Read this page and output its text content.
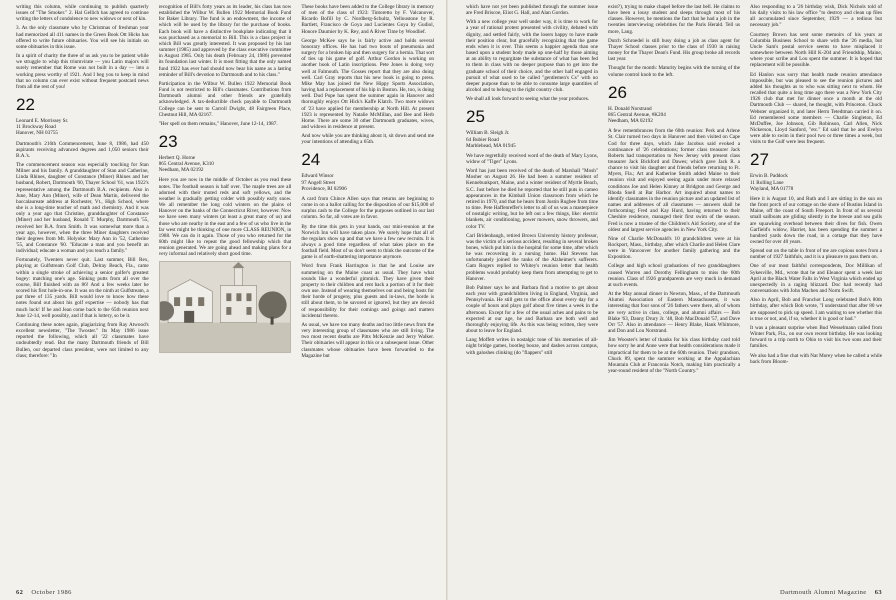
writing this column, while continuing to publish quarterly issues of "The Smoker." 2. Hal Gellich has agreed to continue writing the letters of condolence to new widows or next of kin.

3. As the only classmate who by Christmas of freshman year had memorized all 411 names in the Green Book Ott Hicks has offered to write future obituaries. You will see his initials on some obituaries in this issue.

In a spirit of charity the three of us ask you to be patient while we struggle to whip this triumvirate — you Latin majors will surely remember that Rome was not built in a day — into a working press worthy of 1921. And I beg you to keep in mind that no column can ever exist without frequent postcard news from all the rest of you!

22
Leonard E. Morrissey Sr.
11 Brockway Road
Hanover, NH 03755

Dartmouth's 216th Commencement, June 8, 1986, had 450 aspirants receiving advanced degrees and 1,050 seniors their B.A.'s.

The commencement season was especially touching for Stan Milner and his family. A granddaughter of Stan and Catherine, Linda Rhines, daughter of Constance (Miner) Rhines and her husband, Robert, Dartmouth '60, Thayer School '61, was 1922's representative among the Dartmouth B.A. recipients. Also in June, Mary Ann (Miner), wife of Dean Martin, delivered the baccalaureate address at Rochester, Vt., High School, where she is a long-time teacher of math and chemistry. And it was only a year ago that Christine, granddaughter of Constance (Miner) and her husband, Ronald T. Murphy, Dartmouth '55, received her B.A. from Smith. It was somewhat more than a year ago, however, when the three Miner daughters received their degrees from Mt. Holyoke: Mary Ann in '52, Catherine '55, and Constance '60. "Educate a man and you benefit an individual; educate a woman and you teach a family."

Fortunately, Twenters never quit. Last summer, Bill Rex, playing at Gulfstream Golf Club, Delray Beach, Fla., came within a single stroke of achieving a senior golfer's greatest bogey: matching one's age. Sinking putts from all over the course, Bill finished with an 86! And a few weeks later he scored his first hole-in-one. It was on the ninth at Gulfstream, a par three of 135 yards. Bill would love to know how these notes found out about his golf expertise — nobody has that much luck! If he and Jean come back to the 65th reunion next June 12-14, well possibly, and if that is lottery, so be it.

Continuing these notes again, plagiarizing from Ray Atwood's excellent newsletter, "The Twoster." Its May 1986 issue reported the following, which all '22 classmates have undoubtedly read. But the many Dartmouth friends of Bill Bullen, our departed class president, were not limited to any class; therefore: "In

recognition of Bill's forty years as its leader, his class has now established the Wilbur W. Bullen 1922 Memorial Book Fund for Baker Library. The fund is an endowment, the income of which will be used by the library for the purchase of books. Each book will have a distinctive bookplate indicating that it was purchased as a memorial to Bill. This is a class project in which Bill was greatly interested. It was proposed by his last summer (1985) and approved by the class executive committee in August 1985. Only his death (February 24, 1986) prevented its foundation last winter. It is most fitting that the only named fund 1922 has ever had should now bear his name as a lasting reminder of Bill's devotion to Dartmouth and to his class."

Participation in the Wilbur W. Bullen 1922 Memorial Book Fund is not restricted to Bill's classmates. Contributions from Dartmouth alumni and other friends are gratefully acknowledged. A tax-deductible check payable to Dartmouth College can be sent to Carroll Dwight, 48 Fairgreen Place, Chestnut Hill, MA 02167.

"Her spell on them remains," Hanover, June 12-14, 1987.

23
Herbert Q. Horne
865 Central Avenue, K310
Needham, MA 02192

Here you are now in the middle of October as you read these notes. The football season is half over. The maple trees are all adorned with their muted reds and soft yellows, and the weather is gradually getting colder with possibly early snow. We all remember the long cold winters on the plains of Hanover on the banks of the Connecticut River, however. Now we have seen many winters (at least a great many of us) and those who are nearby in the east and a few of us who live in the far west might be thinking of one more CLASS REUNION, in 1988. We can do it again. Those of you who returned for the 60th might like to repeat the good fellowship which that reunion generated. We are going ahead and making plans for a very informal and relatively short good time.

These books have been added to the College library in memory of men of the class of 1923: Tintoretto by F. Valcanover, Ricardo Bofill by C. Nordberg-Schultz, Yelloustone by R. Bartlett, Francisco de Goya and Lucientes Goya by Gudiol, Honore Daumier by K. Rey, and A River Time by Woodlief.

George McKee says he is fairly active and holds several honorary offices. He has had two bouts of pneumonia and surgery for a broken hip and then surgery for a hernia. That sort of ties up his game of golf. Arthur Gordon is working on another book of Latin inscriptions. Pete Jones is doing very well at Falmouth. The Gosses report that they are also doing well. Carl Gray reports that his new book is going to press. Mike May has joined the New Hippy Sports Association, having had a replacement of his hip in Boston. He, too, is doing well. Dud Pope has spent the summer again in Hanover and thoroughly enjoys Ott Hick's Kaffe Klatch. Two more widows of '23 have applied for membership at North Hill. At present 1923 is represented by Natalie McMillan, and Bee and Herb Horne. There are some 30 other Dartmouth graduates, wives, and widows in residence at present.

And now while you are thinking about it, sit down and send me your intentions of attending a 65th.

24
Edward Winsor
97 Angell Street
Providence, RI 02906

A card from Chince Allen says that returns are beginning to come in on a ballot calling for the disposition of our $15,000 of surplus cash to the College for the purposes outlined in our last column. So far, all votes are in favor.

By the time this gets in your hands, our mini-reunion at the Norwich Inn will have taken place. We surely hope that all of the regulars show up and that we have a few new recruits. It is always a good time regardless of what takes place on the football field. Most of us don't seem to think the outcome of the game is of earth-shattering importance anymore.

Word from Frank Harrington is that he and Louise are summering on the Maine coast as usual. They have what sounds like a wonderful gimmick. They have given their property to their children and rent back a portion of it for their own use. Instead of wearing themselves out and being hosts for their horde of progeny, plus guests and in-laws, the horde is still about them, to be savored or ignored, but they are devoid of responsibility for their comings and goings and matters incidental thereto.

As usual, we have too many deaths and too little news from the very interesting group of classmates who are still living. The two most recent deaths are Pitts McKenzie and Jerry Walker. Their obituaries will appear in this or a subsequent issue. Other classmates whose obituaries have been forwarded to the Magazine but

62 October 1986

which have not yet been published through the summer issue are Fred Briscoe, Eliot G. Hall, and Alan Gordon.

With a new college year well under way, it is time to work for a year of rational protest presented with civility, debated with dignity, and settled fairly, with the losers happy to have made their position clear, but gracefully recognizing that the game ends when it is over. This seems a happier agenda than one based upon a student body made up one-half by those aiming at an ability to regurgitate the substance of what has been fed to them in class with no deeper purpose than to get into the graduate school of their choice, and the other half engaged in pursuit of what used to be called "gentlemen's Cs" with no deeper purpose than to be able to consume large quantities of alcohol and to belong to the right country club.

We shall all look forward to seeing what the year produces.

25
William B. Sleigh Jr.
64 Bubier Road
Marblehead, MA 01945

We have regretfully received word of the death of Mary Lyons, widow of "Tiger" Lyons.

Word has just been received of the death of Marshall "Mosh" Mosher on August 26. He had been a summer resident of Kennebunkport, Maine, and a winter resident of Myrtle Beach, S.C. Just before he died he reported that he still puts in cameo appearances in the Kimball Union classroom from which he retired in 1970, and that he hears from Justin Rugbee from time to time. Pete Haffenreffer's letter to all of us was a masterpiece of nostalgic writing, but he left out a few things, like: electric blankets, air conditioning, power mowers, snow throwers, and color TV.

Carl Bridenbaugh, retired Brown University history professor, was the victim of a serious accident, resulting in several broken bones, which put him in the hospital for some time, after which he was recovering in a nursing home. Hal Stevens has unfortunately joined the ranks of the Alzheimer's sufferers. Gam Rogers replied to Whitey's reunion letter that health problems would probably keep them from attempting to get to Hanover.

Bob Palmer says he and Barbara find a motive to get about each year with grandchildren living in England, Virginia, and Pennsylvania. He still gets to the office about every day for a couple of hours and plays golf about five times a week in the afternoon. Except for a few of the usual aches and pains to be expected at our age, he and Barbara are both well and thoroughly enjoying life. As this was being written, they were about to leave for England.

Lang Moffett writes in nostalgic tone of his memories of all-night bridge games, bootleg booze, and dashes across campus, with galoshes clinking (do "flappers" still

exist?), trying to make chapel before the last bell. He claims to have been a lousy student and sleeps through most of his classes. However, he mentions the fact that he had a job in the twenties interviewing celebrities for the Paris Herald. Tell us more, Lang.

Dutch Schroedel is still busy doing a job as class agent for Thayer School classes prior to the class of 1930 in raising money for the Thayer Dean's Fund. His group broke all records last year.

Thought for the month: Maturity begins with the turning of the volume control knob to the left.

26
H. Donald Norstrand
865 Central Avenue, #K204
Needham, MA 02192

A few remembrances from the 60th reunion: Perk and Arlene St. Clair turned two days in Hanover and then visited on Cape Cod for three days, which Jake Jacobus said evoked a continuance of '26 celebrations; former class treasurer Jack Roberts had transportation to New Jersey with present class treasurer Jack Bickford and Dawes; which gave Jack R. a chance to visit his daughter and friends before returning to Ft. Myers, Fla.; Art and Katherine Smith added Maine to their reunion visit and enjoyed seeing again under more relaxed conditions Joe and Helen Kinney at Bridgton and George and Rhoda Snell at Bar Harbor. Art inquired about names to identify classmates in the reunion picture and an updated list of names and addresses of all classmates — answers shall be forthcoming; Fred and Kay Hurd, having returned to their Cheshire residence, managed their first swim of the season. Fred is now a trustee of the Children's Aid Society, one of the oldest and largest service agencies in New York City.

Nine of Charlie McDonald's 10 grandchildren were at his Rockport, Mass., birthday, after which Charlie and Helen Clare were in Vancouver for another family gathering and the Exposition.

College and high school graduations of two granddaughters caused Warren and Dorothy Fellingham to miss the 60th reunion. Class of 1926 grandparents are very much in demand at such events.

At the May annual dinner in Newton, Mass., of the Dartmouth Alumni Association of Eastern Massachusetts, it was interesting that four sons of '26 fathers were there, all of whom are very active in class, college, and alumni affairs — Bob Blake '63, Danny Drury Jr. '48, Bob MacDonald '57, and Dave Orr '57. Also in attendance — Henry Blake, Hank Whitmore, and Don and Lou Norstrand.

Jim Wooster's letter of thanks for his class birthday card told how sorry he and Anne were that health considerations made it impractical for them to be at the 60th reunion. Their grandson, Chuck 89, spent the summer working at the Appalachian Mountain Club at Franconia Notch, making him practically a year-round resident of the "North Country."

Also responding to a '26 birthday wish, Dick Nichols told of his daily visits to his law office "to destroy and clean up files all accumulated since September, 1929 — a tedious but necessary job."

Courtney Brown has sent some memoirs of his years at Columbia Business School to share with the '26 media, but Uncle Sam's postal service seems to have misplaced it somewhere between North Hill K-204 and Friendship, Maine, where your scribe and Lou spent the summer. It is hoped that replacement will be possible.

Ed Hanlon was sorry that health made reunion attendance impossible, but was pleased to see the reunion pictures and added his thoughts as to who was sitting next to whom. He recalled that quite a long time ago there was a New York City 1926 club that met for dinner once a month at the old Dartmouth Club — shared, he thought, with Princeton. Chuck Webster organized it, and later Herm Tetedtman carried it on. Ed remembered some members — Charlie Singleton, Ed McDuffee, Joe Johnson, Gib Robinson, Carl Allen, Nick Nickerson, Lloyd Sanford, "etc." Ed said that he and Evelyn were able to swim in their pool two or three times a week, but visits to the Gulf were less frequent.

27
Erwin B. Paddock
11 Rolling Lane
Wayland, MA 01778

Here it is August 10, and Ruth and I are sitting in the sun on the front porch of our cottage on the shore of Bustins Island in Maine, off the coast of South Freeport. In front of us several small sailboats are gliding silently in the breeze and sea gulls are squawking overhead between their dives for fish. Owen Garfield's widow, Harriet, has been spending the summer a hundred yards down the road, in a cottage that they have owned for over 40 years.

Spread out on the table in front of me are copious notes from a number of 1927 faithfuls, and it is a pleasure to pass them on.

One of our most faithful correspondents, Doc Millikan of Sykesville, Md., wrote that he and Eleanor spent a week last April at the Black Water Falls in West Virginia which ended up unexpectedly in a raging blizzard. Doc had recently had conversations with John Machen and Norm Swift.

Also in April, Bob and Franchot Long celebrated Bob's 80th birthday, after which Bob wrote, "I understand that after 80 we are supposed to pick up speed. I am waiting to see whether this is true or not, and, if so, whether it is good or bad."

It was a pleasant surprise when Bud Wesselmann called from Winter Park, Fla., on our own recent birthday. He was looking forward to a trip north to Ohio to visit his two sons and their families.

We also had a fine chat with Nat Morey when he called a while back from Bloom-

Dartmouth Alumni Magazine 63
